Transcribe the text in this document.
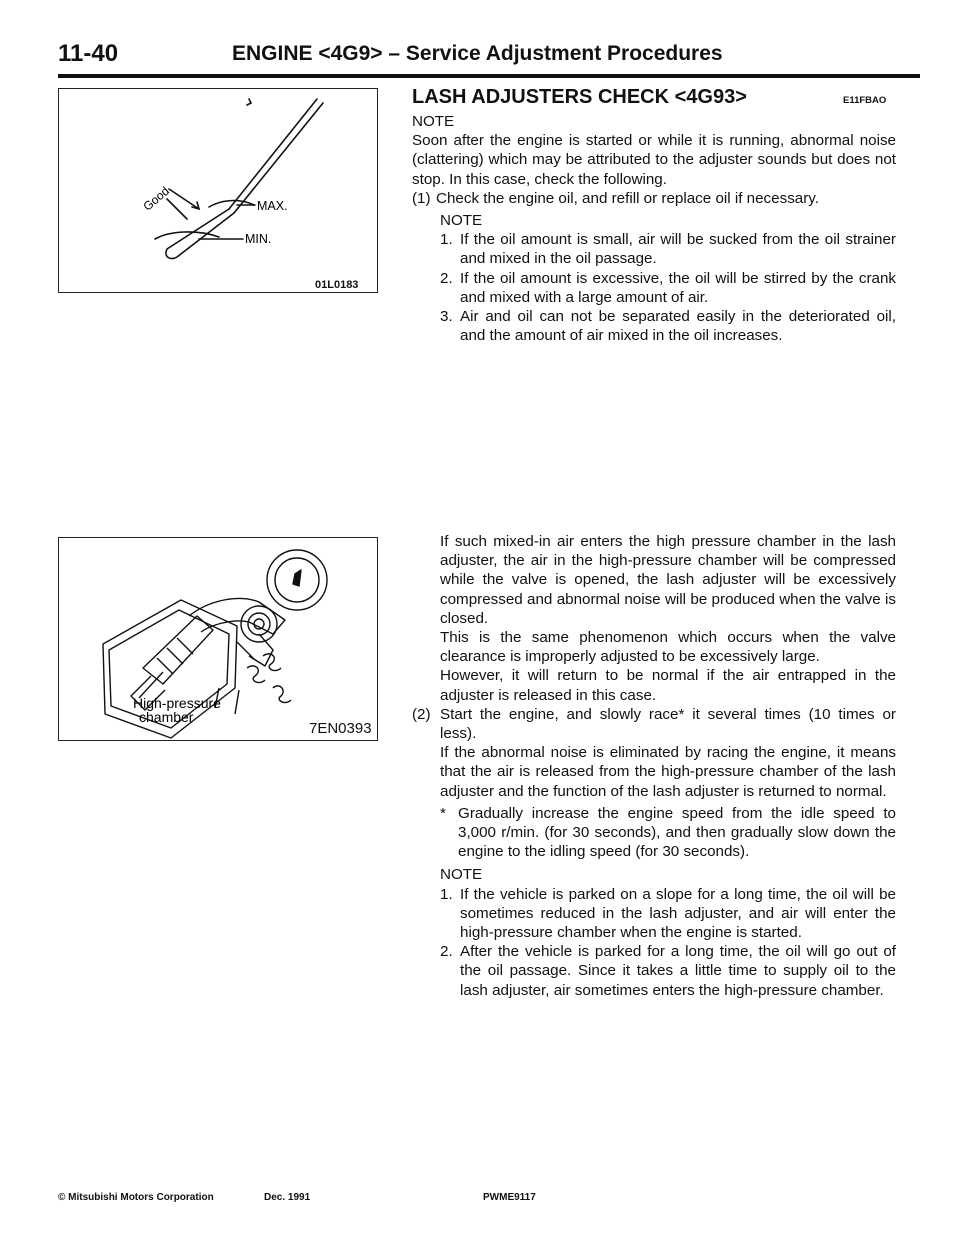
11-40	ENGINE <4G9> – Service Adjustment Procedures
Good	MAX.
MIN.
01L0183
High-pressure
chamber
7EN0393
LASH ADJUSTERS CHECK <4G93>	E11FBAO

NOTE

Soon after the engine is started or while it is running, abnormal noise (clattering) which may be attributed to the adjuster sounds but does not stop. In this case, check the following.

(1) Check the engine oil, and refill or replace oil if necessary.

NOTE

1. If the oil amount is small, air will be sucked from the oil strainer and mixed in the oil passage.
2. If the oil amount is excessive, the oil will be stirred by the crank and mixed with a large amount of air.
3. Air and oil can not be separated easily in the deteriorated oil, and the amount of air mixed in the oil increases.

If such mixed-in air enters the high pressure chamber in the lash adjuster, the air in the high-pressure chamber will be compressed while the valve is opened, the lash adjuster will be excessively compressed and abnormal noise will be produced when the valve is closed.

This is the same phenomenon which occurs when the valve clearance is improperly adjusted to be excessively large.

However, it will return to be normal if the air entrapped in the adjuster is released in this case.

(2) Start the engine, and slowly race* it several times (10 times or less).

If the abnormal noise is eliminated by racing the engine, it means that the air is released from the high-pressure chamber of the lash adjuster and the function of the lash adjuster is returned to normal.

* Gradually increase the engine speed from the idle speed to 3,000 r/min. (for 30 seconds), and then gradually slow down the engine to the idling speed (for 30 seconds).

NOTE

1. If the vehicle is parked on a slope for a long time, the oil will be sometimes reduced in the lash adjuster, and air will enter the high-pressure chamber when the engine is started.
2. After the vehicle is parked for a long time, the oil will go out of the oil passage. Since it takes a little time to supply oil to the lash adjuster, air sometimes enters the high-pressure chamber.
© Mitsubishi Motors Corporation	Dec. 1991	PWME9117
